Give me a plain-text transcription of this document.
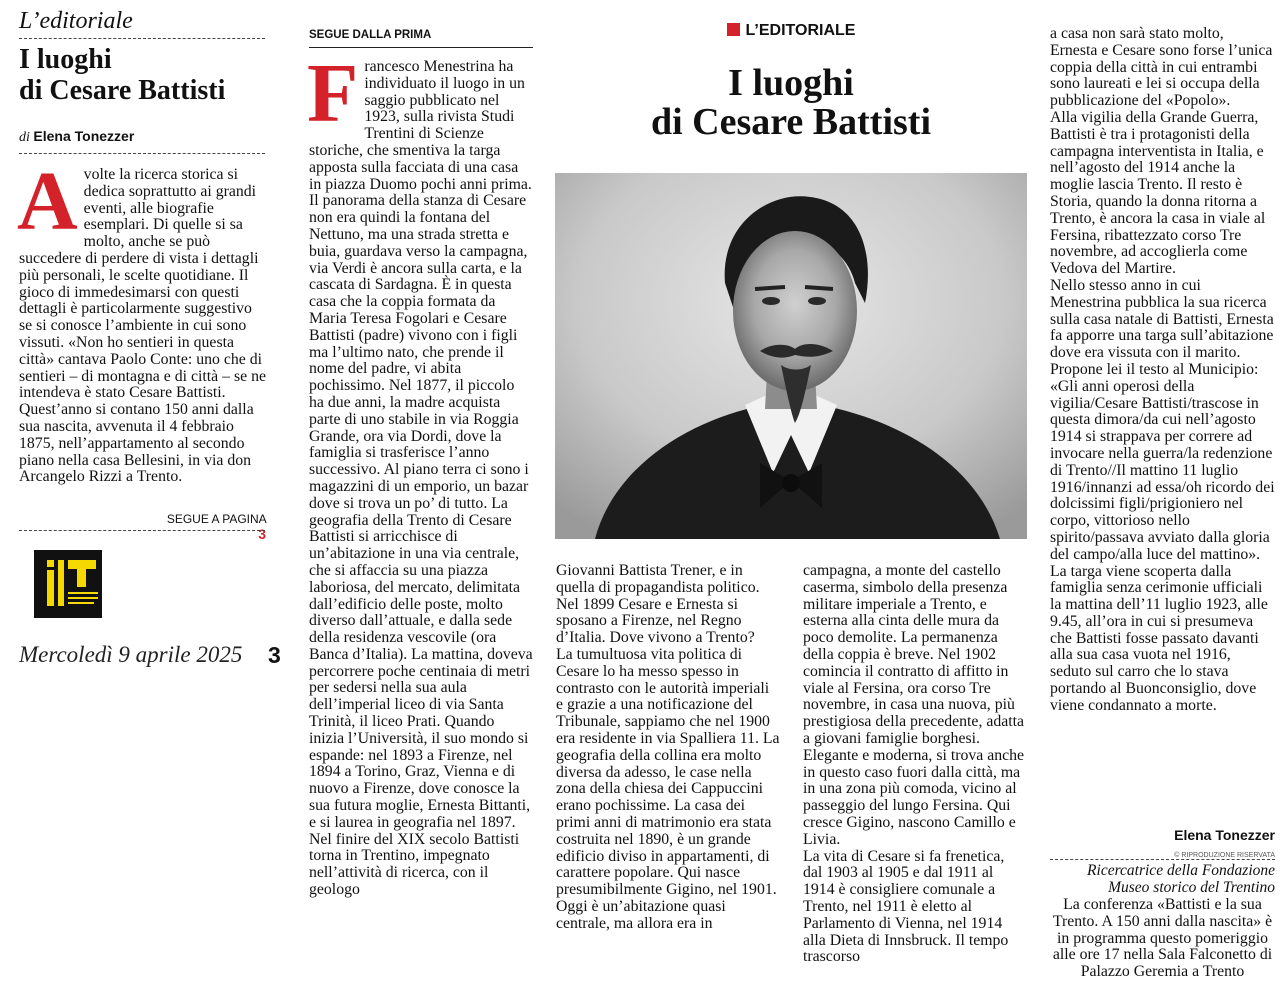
L’editoriale
I luoghi
di Cesare Battisti
di Elena Tonezzer
Avolte la ricerca storica si dedica soprattutto ai grandi eventi, alle biografie esemplari. Di quelle si sa molto, anche se può succedere di perdere di vista i dettagli più personali, le scelte quotidiane. Il gioco di immedesimarsi con questi dettagli è particolarmente suggestivo se si conosce l’ambiente in cui sono vissuti. «Non ho sentieri in questa città» cantava Paolo Conte: uno che di sentieri – di montagna e di città – se ne intendeva è stato Cesare Battisti. Quest’anno si contano 150 anni dalla sua nascita, avvenuta il 4 febbraio 1875, nell’appartamento al secondo piano nella casa Bellesini, in via don Arcangelo Rizzi a Trento.
SEGUE A PAGINA 3
Mercoledì 9 aprile 2025 3
SEGUE DALLA PRIMA
Francesco Menestrina ha individuato il luogo in un saggio pubblicato nel 1923, sulla rivista Studi Trentini di Scienze storiche, che smentiva la targa apposta sulla facciata di una casa in piazza Duomo pochi anni prima. Il panorama della stanza di Cesare non era quindi la fontana del Nettuno, ma una strada stretta e buia, guardava verso la campagna, via Verdi è ancora sulla carta, e la cascata di Sardagna. È in questa casa che la coppia formata da Maria Teresa Fogolari e Cesare Battisti (padre) vivono con i figli ma l’ultimo nato, che prende il nome del padre, vi abita pochissimo. Nel 1877, il piccolo ha due anni, la madre acquista parte di uno stabile in via Roggia Grande, ora via Dordi, dove la famiglia si trasferisce l’anno successivo. Al piano terra ci sono i magazzini di un emporio, un bazar dove si trova un po’ di tutto. La geografia della Trento di Cesare Battisti si arricchisce di un’abitazione in una via centrale, che si affaccia su una piazza laboriosa, del mercato, delimitata dall’edificio delle poste, molto diverso dall’attuale, e dalla sede della residenza vescovile (ora Banca d’Italia). La mattina, doveva percorrere poche centinaia di metri per sedersi nella sua aula dell’imperial liceo di via Santa Trinità, il liceo Prati. Quando inizia l’Università, il suo mondo si espande: nel 1893 a Firenze, nel 1894 a Torino, Graz, Vienna e di nuovo a Firenze, dove conosce la sua futura moglie, Ernesta Bittanti, e si laurea in geografia nel 1897.

Nel finire del XIX secolo Battisti torna in Trentino, impegnato nell’attività di ricerca, con il geologo

L’EDITORIALE
I luoghi
di Cesare Battisti

Giovanni Battista Trener, e in quella di propagandista politico. Nel 1899 Cesare e Ernesta si sposano a Firenze, nel Regno d’Italia. Dove vivono a Trento?

La tumultuosa vita politica di Cesare lo ha messo spesso in contrasto con le autorità imperiali e grazie a una notificazione del Tribunale, sappiamo che nel 1900 era residente in via Spalliera 11. La geografia della collina era molto diversa da adesso, le case nella zona della chiesa dei Cappuccini erano pochissime. La casa dei primi anni di matrimonio era stata costruita nel 1890, è un grande edificio diviso in appartamenti, di carattere popolare. Qui nasce presumibilmente Gigino, nel 1901. Oggi è un’abitazione quasi centrale, ma allora era in

campagna, a monte del castello caserma, simbolo della presenza militare imperiale a Trento, e esterna alla cinta delle mura da poco demolite. La permanenza della coppia è breve. Nel 1902 comincia il contratto di affitto in viale al Fersina, ora corso Tre novembre, in casa una nuova, più prestigiosa della precedente, adatta a giovani famiglie borghesi. Elegante e moderna, si trova anche in questo caso fuori dalla città, ma in una zona più comoda, vicino al passeggio del lungo Fersina. Qui cresce Gigino, nascono Camillo e Livia.

La vita di Cesare si fa frenetica, dal 1903 al 1905 e dal 1911 al 1914 è consigliere comunale a Trento, nel 1911 è eletto al Parlamento di Vienna, nel 1914 alla Dieta di Innsbruck. Il tempo trascorso

a casa non sarà stato molto, Ernesta e Cesare sono forse l’unica coppia della città in cui entrambi sono laureati e lei si occupa della pubblicazione del «Popolo».

Alla vigilia della Grande Guerra, Battisti è tra i protagonisti della campagna interventista in Italia, e nell’agosto del 1914 anche la moglie lascia Trento. Il resto è Storia, quando la donna ritorna a Trento, è ancora la casa in viale al Fersina, ribattezzato corso Tre novembre, ad accoglierla come Vedova del Martire.

Nello stesso anno in cui Menestrina pubblica la sua ricerca sulla casa natale di Battisti, Ernesta fa apporre una targa sull’abitazione dove era vissuta con il marito. Propone lei il testo al Municipio: «Gli anni operosi della vigilia/Cesare Battisti/trascose in questa dimora/da cui nell’agosto 1914 si strappava per correre ad invocare nella guerra/la redenzione di Trento//Il mattino 11 luglio 1916/innanzi ad essa/oh ricordo dei dolcissimi figli/prigioniero nel corpo, vittorioso nello spirito/passava avviato dalla gloria del campo/alla luce del mattino».

La targa viene scoperta dalla famiglia senza cerimonie ufficiali la mattina dell’11 luglio 1923, alle 9.45, all’ora in cui si presumeva che Battisti fosse passato davanti alla sua casa vuota nel 1916, seduto sul carro che lo stava portando al Buonconsiglio, dove viene condannato a morte.

Elena Tonezzer
© RIPRODUZIONE RISERVATA
Ricercatrice della Fondazione
Museo storico del Trentino
La conferenza «Battisti e la sua Trento. A 150 anni dalla nascita» è in programma questo pomeriggio alle ore 17 nella Sala Falconetto di Palazzo Geremia a Trento
